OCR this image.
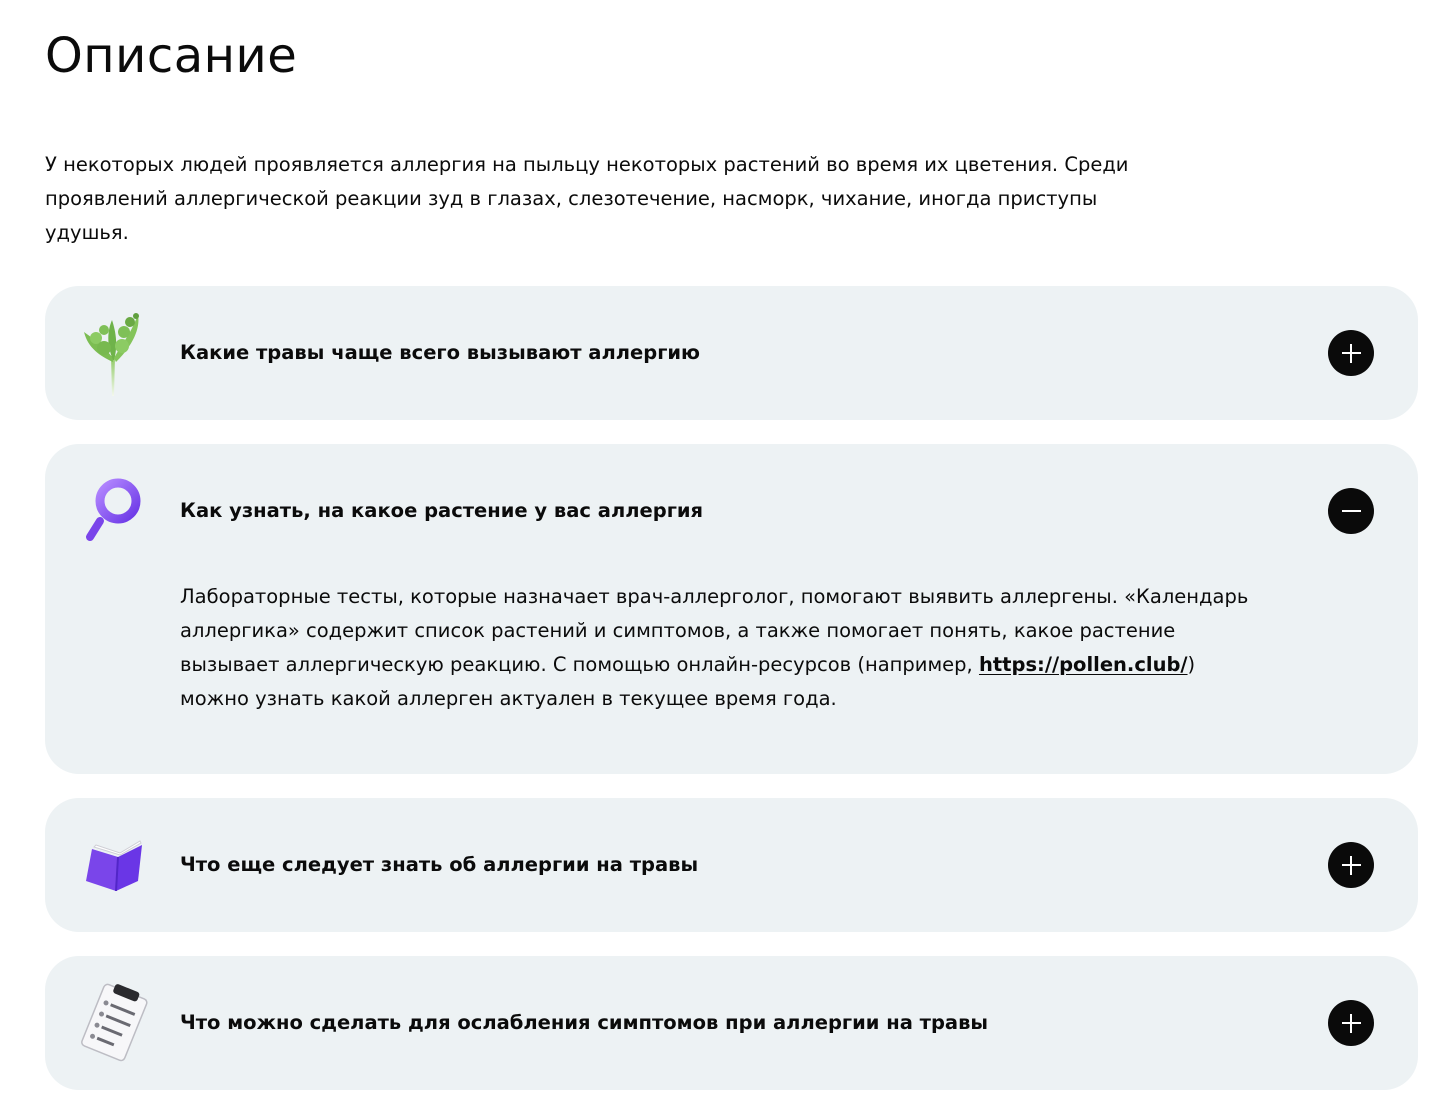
Описание

У некоторых людей проявляется аллергия на пыльцу некоторых растений во время их цветения. Среди проявлений аллергической реакции зуд в глазах, слезотечение, насморк, чихание, иногда приступы удушья.

Какие травы чаще всего вызывают аллергию
Как узнать, на какое растение у вас аллергия
Лабораторные тесты, которые назначает врач-аллерголог, помогают выявить аллергены. «Календарь аллергика» содержит список растений и симптомов, а также помогает понять, какое растение вызывает аллергическую реакцию. С помощью онлайн-ресурсов (например, https://pollen.club/) можно узнать какой аллерген актуален в текущее время года.
Что еще следует знать об аллергии на травы
Что можно сделать для ослабления симптомов при аллергии на травы
